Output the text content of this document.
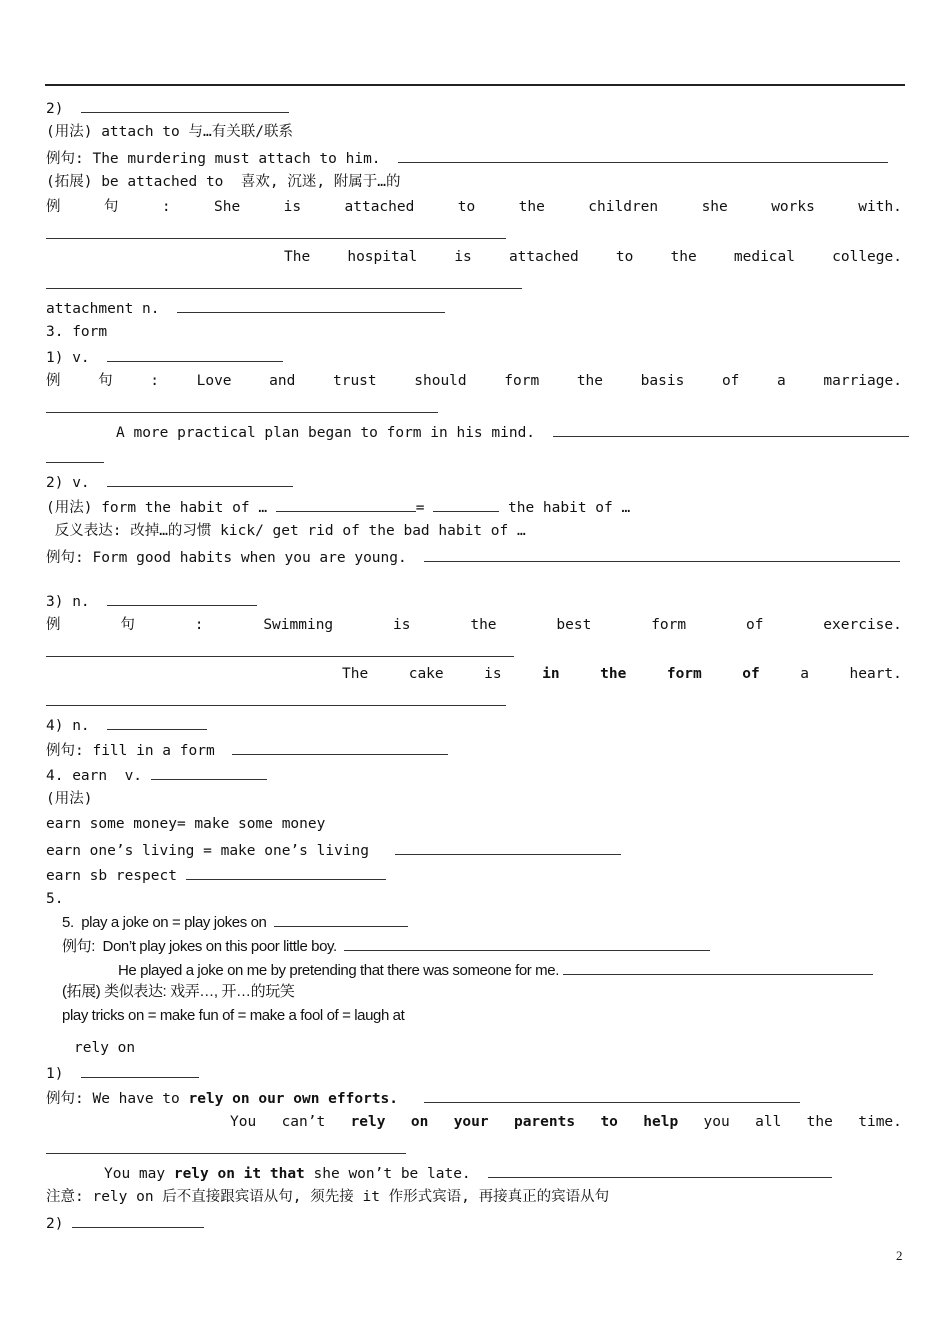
2)
(用法) attach to 与…有关联/联系
例句: The murdering must attach to him.
(拓展) be attached to  喜欢, 沉迷, 附属于…的
例	句	:	She	is	attached	to	the	children	she	works	with.
The	hospital	is	attached	to	the	medical	college.
attachment n.
3. form
1) v.
例	句	:	Love	and	trust	should	form	the	basis	of	a	marriage.
A more practical plan began to form in his mind.
2) v.
(用法) form the habit of …	=	the habit of …
反义表达: 改掉…的习惯 kick/ get rid of the bad habit of …
例句: Form good habits when you are young.
3) n.
例	句	:	Swimming	is	the	best	form	of	exercise.
The	cake	is	in	the	form	of	a	heart.
4) n.
例句: fill in a form
4. earn  v.
(用法)
earn some money= make some money
earn one’s living = make one’s living
earn sb respect
5.
5.  play a joke on = play jokes on
例句: Don’t play jokes on this poor little boy.
He played a joke on me by pretending that there was someone for me.
(拓展) 类似表达: 戏弄…, 开…的玩笑
play tricks on = make fun of = make a fool of = laugh at
rely on
1)
例句: We have to rely on our own efforts.
You can’t rely on your parents to help you all the time.
You may rely on it that she won’t be late.
注意: rely on 后不直接跟宾语从句, 须先接 it 作形式宾语, 再接真正的宾语从句
2)
2
